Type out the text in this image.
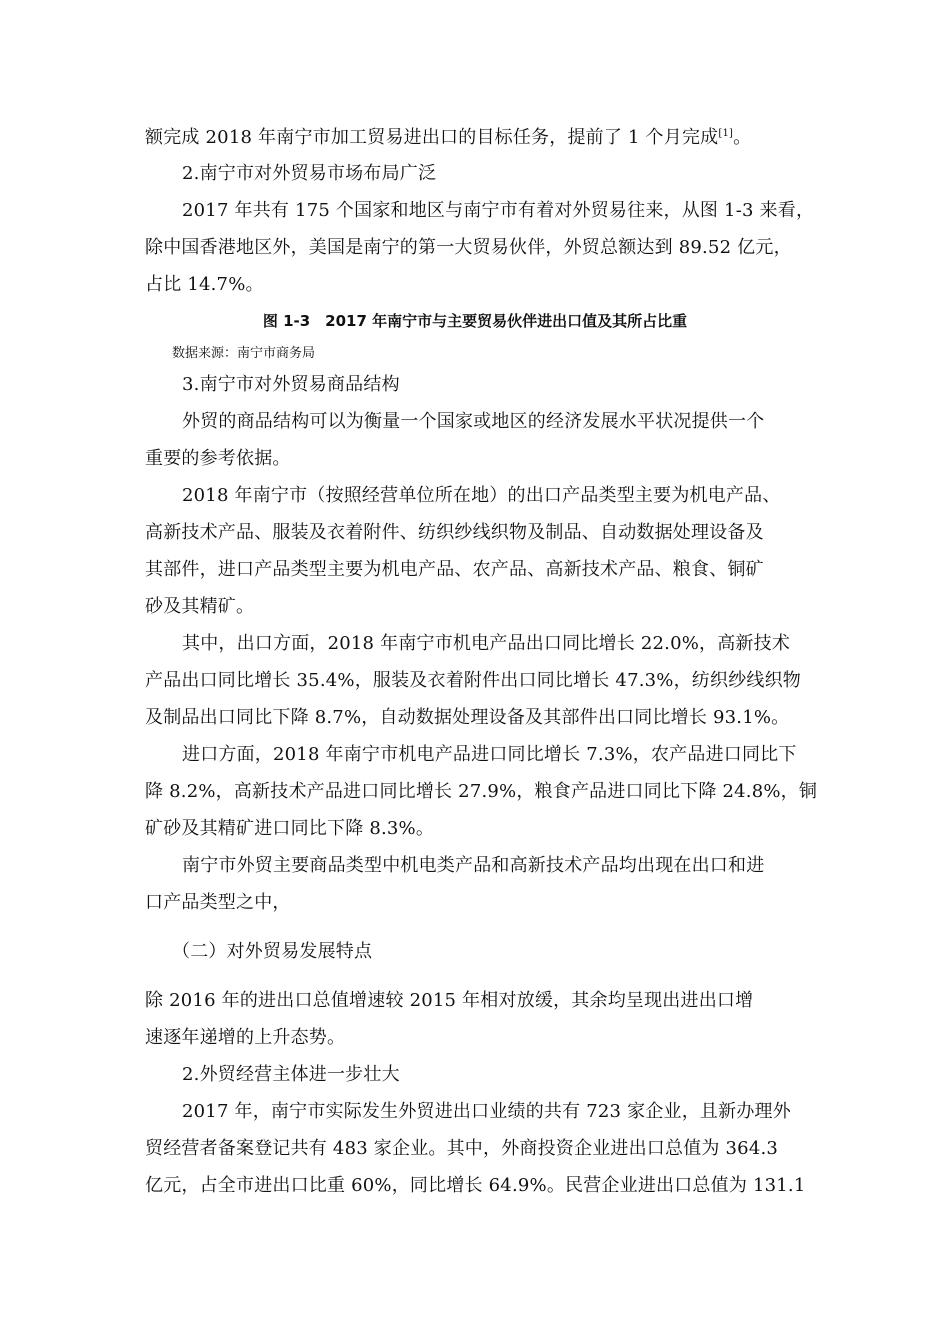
额完成 2018 年南宁市加工贸易进出口的目标任务，提前了 1 个月完成[1]。
2.南宁市对外贸易市场布局广泛
2017 年共有 175 个国家和地区与南宁市有着对外贸易往来，从图 1-3 来看，
除中国香港地区外，美国是南宁的第一大贸易伙伴，外贸总额达到 89.52 亿元，
占比 14.7%。
图 1-3　2017 年南宁市与主要贸易伙伴进出口值及其所占比重
数据来源：南宁市商务局
3.南宁市对外贸易商品结构
外贸的商品结构可以为衡量一个国家或地区的经济发展水平状况提供一个
重要的参考依据。
2018 年南宁市（按照经营单位所在地）的出口产品类型主要为机电产品、
高新技术产品、服装及衣着附件、纺织纱线织物及制品、自动数据处理设备及
其部件，进口产品类型主要为机电产品、农产品、高新技术产品、粮食、铜矿
砂及其精矿。
其中，出口方面，2018 年南宁市机电产品出口同比增长 22.0%，高新技术
产品出口同比增长 35.4%，服装及衣着附件出口同比增长 47.3%，纺织纱线织物
及制品出口同比下降 8.7%，自动数据处理设备及其部件出口同比增长 93.1%。
进口方面，2018 年南宁市机电产品进口同比增长 7.3%，农产品进口同比下
降 8.2%，高新技术产品进口同比增长 27.9%，粮食产品进口同比下降 24.8%，铜
矿砂及其精矿进口同比下降 8.3%。
南宁市外贸主要商品类型中机电类产品和高新技术产品均出现在出口和进
口产品类型之中，
（二）对外贸易发展特点
除 2016 年的进出口总值增速较 2015 年相对放缓，其余均呈现出进出口增
速逐年递增的上升态势。
2.外贸经营主体进一步壮大
2017 年，南宁市实际发生外贸进出口业绩的共有 723 家企业，且新办理外
贸经营者备案登记共有 483 家企业。其中，外商投资企业进出口总值为 364.3
亿元，占全市进出口比重 60%，同比增长 64.9%。民营企业进出口总值为 131.1
